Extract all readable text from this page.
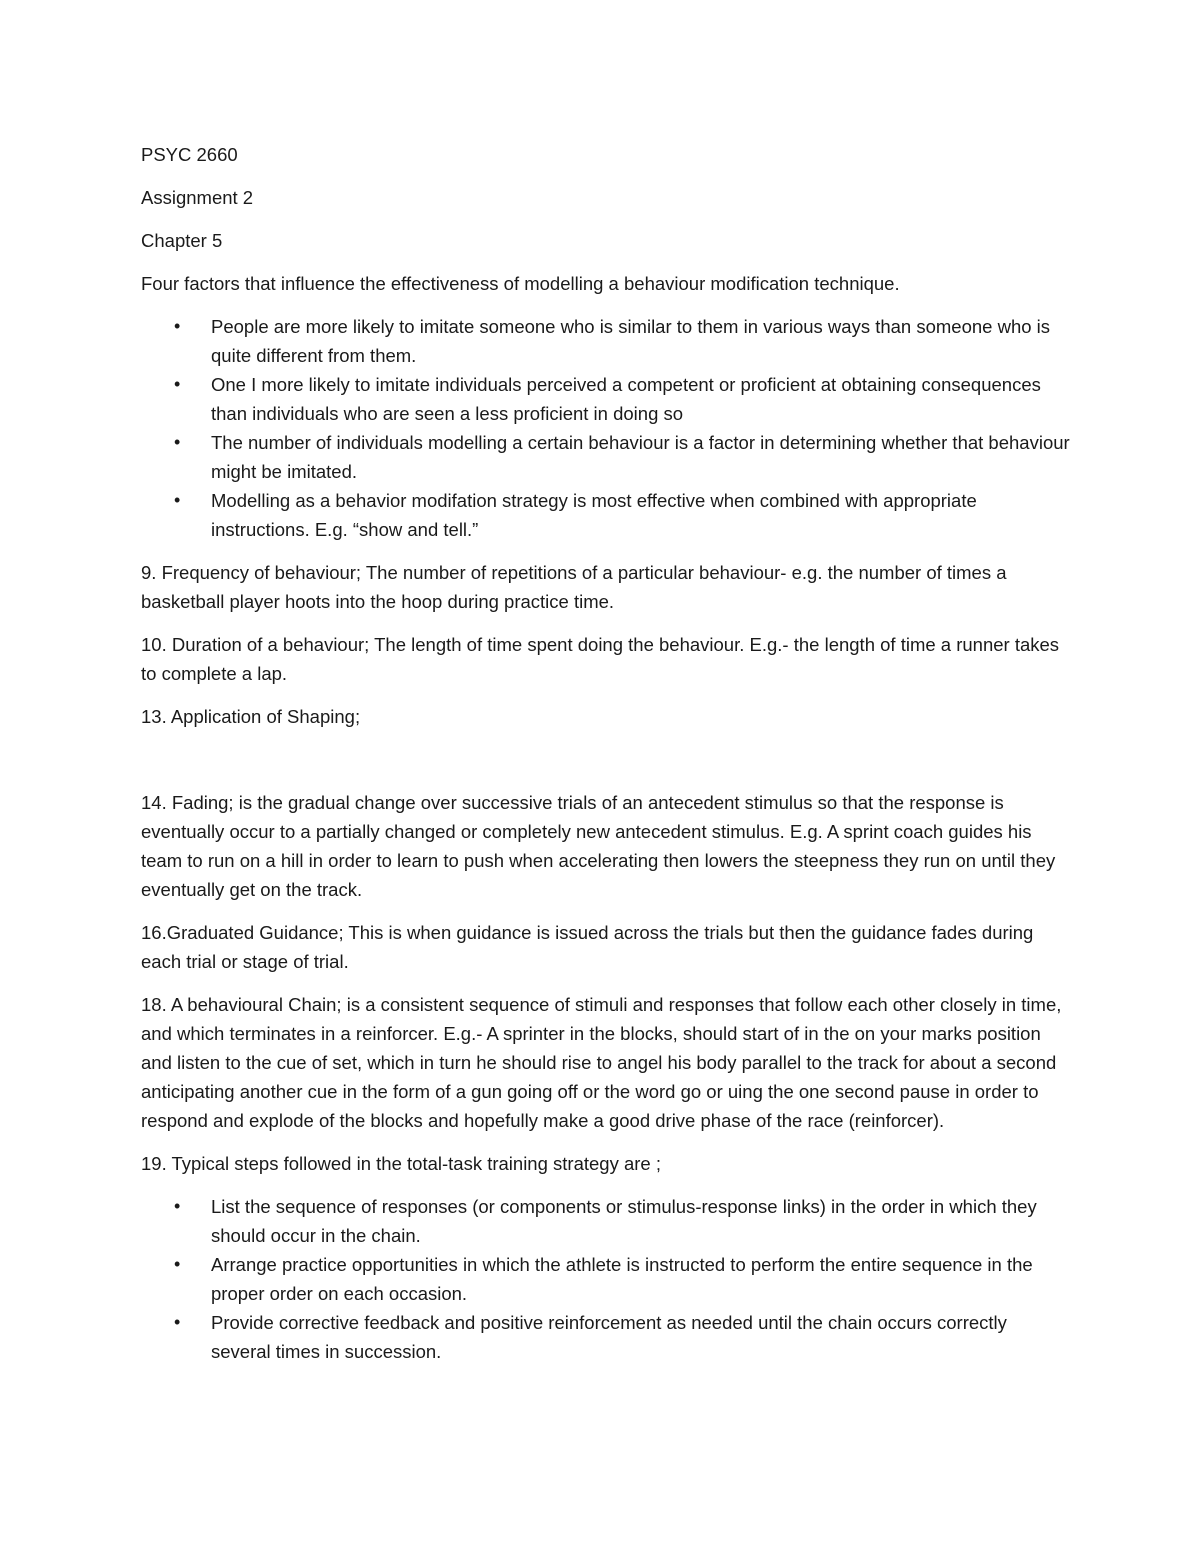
PSYC 2660

Assignment 2

Chapter 5

Four factors that influence the effectiveness of modelling a behaviour modification technique.

• People are more likely to imitate someone who is similar to them in various ways than someone who is quite different from them.
• One I more likely to imitate individuals perceived a competent or proficient at obtaining consequences than individuals who are seen a less proficient in doing so
• The number of individuals modelling a certain behaviour is a factor in determining whether that behaviour might be imitated.
• Modelling as a behavior modifation strategy is most effective when combined with appropriate instructions. E.g. “show and tell.”

9. Frequency of behaviour; The number of repetitions of a particular behaviour- e.g. the number of times a basketball player hoots into the hoop during practice time.

10. Duration of a behaviour; The length of time spent doing the behaviour. E.g.- the length of time a runner takes to complete a lap.

13. Application of Shaping;

14. Fading; is the gradual change over successive trials of an antecedent stimulus so that the response is eventually occur to a partially changed or completely new antecedent stimulus. E.g. A sprint coach guides his team to run on a hill in order to learn to push when accelerating then lowers the steepness they run on until they eventually get on the track.

16.Graduated Guidance; This is when guidance is issued across the trials but then the guidance fades during each trial or stage of trial.

18. A behavioural Chain; is a consistent sequence of stimuli and responses that follow each other closely in time, and which terminates in a reinforcer. E.g.- A sprinter in the blocks, should start of in the on your marks position and listen to the cue of set, which in turn he should rise to angel his body parallel to the track for about a second anticipating another cue in the form of a gun going off or the word go or uing the one second pause in order to respond and explode of the blocks and hopefully make a good drive phase of the race (reinforcer).

19. Typical steps followed in the total-task training strategy are ;

• List the sequence of responses (or components or stimulus-response links) in the order in which they should occur in the chain.
• Arrange practice opportunities in which the athlete is instructed to perform the entire sequence in the proper order on each occasion.
• Provide corrective feedback and positive reinforcement as needed until the chain occurs correctly several times in succession.
